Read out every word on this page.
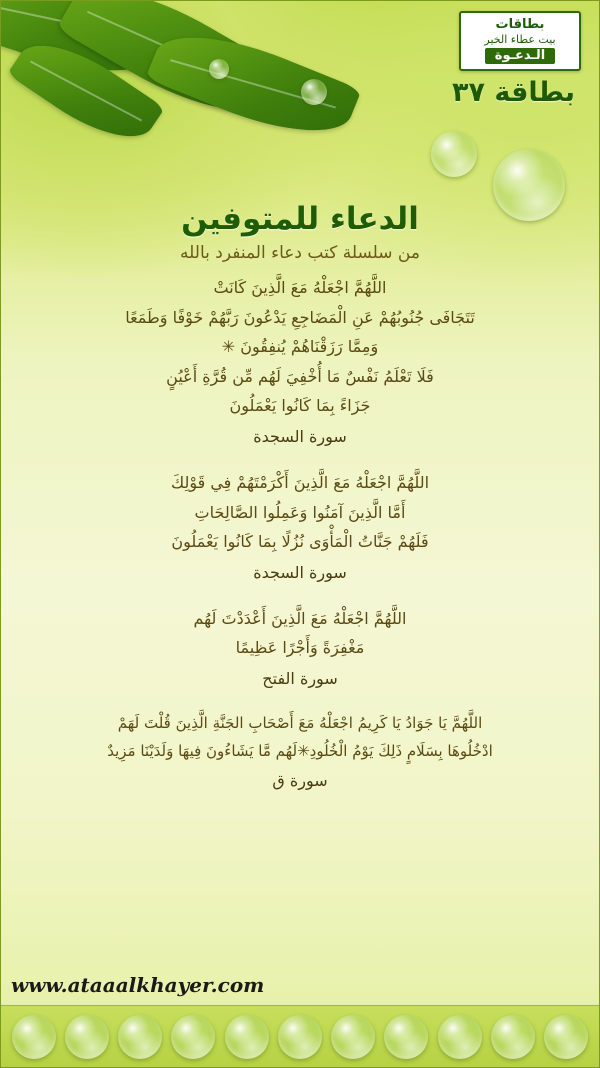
بطاقات
بيت عطاء الخير
الـدعـوة
بطاقة ٣٧
الدعاء للمتوفين
من سلسلة كتب دعاء المنفرد بالله

اللَّهُمَّ اجْعَلْهُ مَعَ الَّذِينَ كَانَتْ

تَتَجَافَى جُنُوبُهُمْ عَنِ الْمَضَاجِعِ يَدْعُونَ رَبَّهُمْ خَوْفًا وَطَمَعًا

وَمِمَّا رَزَقْنَاهُمْ يُنفِقُونَ ✳

فَلَا تَعْلَمُ نَفْسٌ مَا أُخْفِيَ لَهُم مِّن قُرَّةِ أَعْيُنٍ

جَزَاءً بِمَا كَانُوا يَعْمَلُونَ

سورة السجدة

اللَّهُمَّ اجْعَلْهُ مَعَ الَّذِينَ أَكْرَمْتَهُمْ فِي قَوْلِكَ

أَمَّا الَّذِينَ آمَنُوا وَعَمِلُوا الصَّالِحَاتِ

فَلَهُمْ جَنَّاتُ الْمَأْوَى نُزُلًا بِمَا كَانُوا يَعْمَلُونَ

سورة السجدة

اللَّهُمَّ اجْعَلْهُ مَعَ الَّذِينَ أَعْدَدْتَ لَهُم

مَغْفِرَةً وَأَجْرًا عَظِيمًا

سورة الفتح

اللَّهُمَّ يَا جَوَادُ يَا كَرِيمُ اجْعَلْهُ مَعَ أَصْحَابِ الجَنَّةِ الَّذِينَ قُلْتَ لَهَمْ

ادْخُلُوهَا بِسَلَامٍ ذَلِكَ يَوْمُ الْخُلُودِ✳لَهُم مَّا يَشَاءُونَ فِيهَا وَلَدَيْنَا مَزِيدٌ

سورة ق
www.ataaalkhayer.com
